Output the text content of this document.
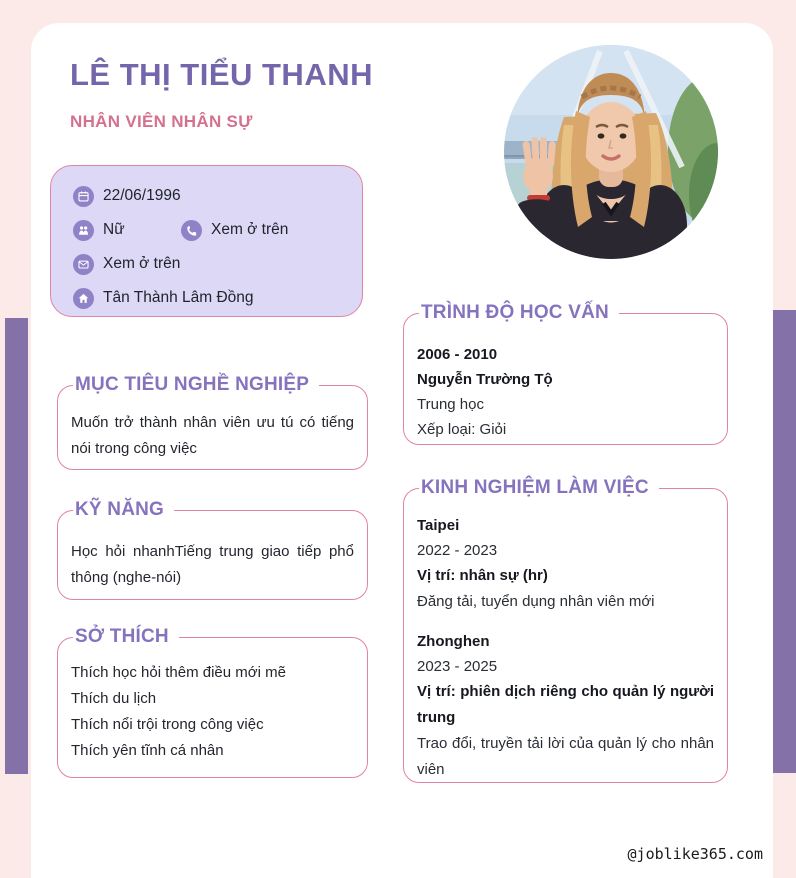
LÊ THỊ TIỂU THANH
NHÂN VIÊN NHÂN SỰ
22/06/1996
Nữ	Xem ở trên
Xem ở trên
Tân Thành Lâm Đồng
MỤC TIÊU NGHỀ NGHIỆP

Muốn trở thành nhân viên ưu tú có tiếng nói trong công việc

KỸ NĂNG

Học hỏi nhanhTiếng trung giao tiếp phổ thông (nghe-nói)

SỞ THÍCH
Thích học hỏi thêm điều mới mẽ
Thích du lịch
Thích nổi trội trong công việc
Thích yên tĩnh cá nhân
TRÌNH ĐỘ HỌC VẤN
2006 - 2010
Nguyễn Trường Tộ
Trung học
Xếp loại: Giỏi
KINH NGHIỆM LÀM VIỆC
Taipei
2022 - 2023
Vị trí: nhân sự (hr)
Đăng tải, tuyển dụng nhân viên mới
Zhonghen
2023 - 2025
Vị trí: phiên dịch riêng cho quản lý người trung
Trao đổi, truyền tải lời của quản lý cho nhân viên
@joblike365.com
